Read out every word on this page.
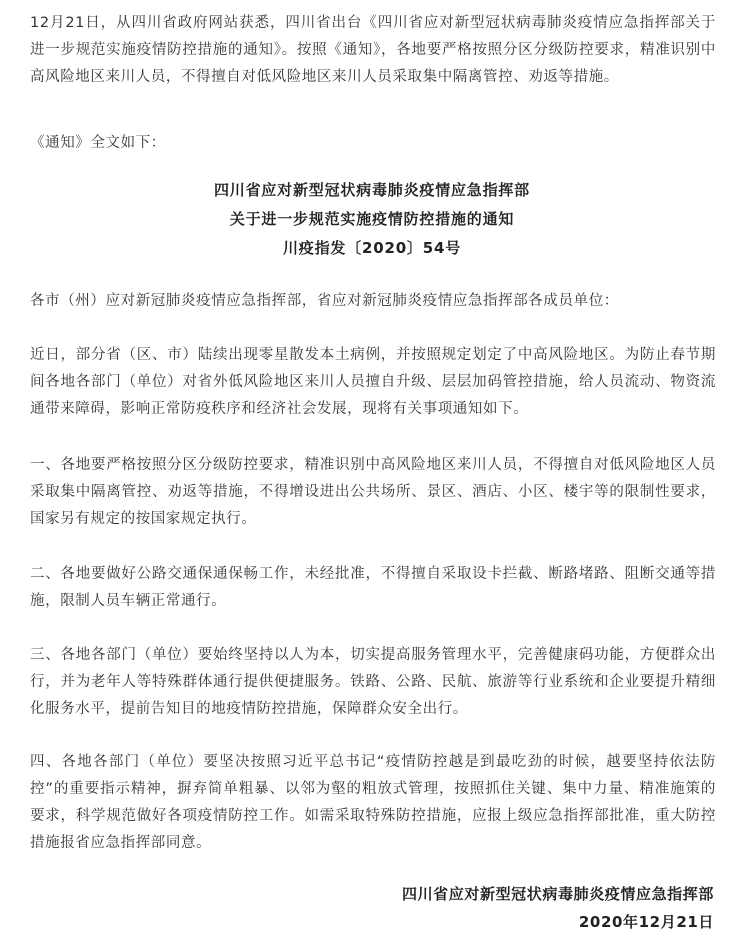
12月21日，从四川省政府网站获悉，四川省出台《四川省应对新型冠状病毒肺炎疫情应急指挥部关于进一步规范实施疫情防控措施的通知》。按照《通知》，各地要严格按照分区分级防控要求，精准识别中高风险地区来川人员，不得擅自对低风险地区来川人员采取集中隔离管控、劝返等措施。

《通知》全文如下：

四川省应对新型冠状病毒肺炎疫情应急指挥部
关于进一步规范实施疫情防控措施的通知
川疫指发〔2020〕54号

各市（州）应对新冠肺炎疫情应急指挥部，省应对新冠肺炎疫情应急指挥部各成员单位：

近日，部分省（区、市）陆续出现零星散发本土病例，并按照规定划定了中高风险地区。为防止春节期间各地各部门（单位）对省外低风险地区来川人员擅自升级、层层加码管控措施，给人员流动、物资流通带来障碍，影响正常防疫秩序和经济社会发展，现将有关事项通知如下。

一、各地要严格按照分区分级防控要求，精准识别中高风险地区来川人员，不得擅自对低风险地区人员采取集中隔离管控、劝返等措施，不得增设进出公共场所、景区、酒店、小区、楼宇等的限制性要求，国家另有规定的按国家规定执行。

二、各地要做好公路交通保通保畅工作，未经批准，不得擅自采取设卡拦截、断路堵路、阻断交通等措施，限制人员车辆正常通行。

三、各地各部门（单位）要始终坚持以人为本，切实提高服务管理水平，完善健康码功能，方便群众出行，并为老年人等特殊群体通行提供便捷服务。铁路、公路、民航、旅游等行业系统和企业要提升精细化服务水平，提前告知目的地疫情防控措施，保障群众安全出行。

四、各地各部门（单位）要坚决按照习近平总书记“疫情防控越是到最吃劲的时候，越要坚持依法防控”的重要指示精神，摒弃简单粗暴、以邻为壑的粗放式管理，按照抓住关键、集中力量、精准施策的要求，科学规范做好各项疫情防控工作。如需采取特殊防控措施，应报上级应急指挥部批准，重大防控措施报省应急指挥部同意。

四川省应对新型冠状病毒肺炎疫情应急指挥部
2020年12月21日
